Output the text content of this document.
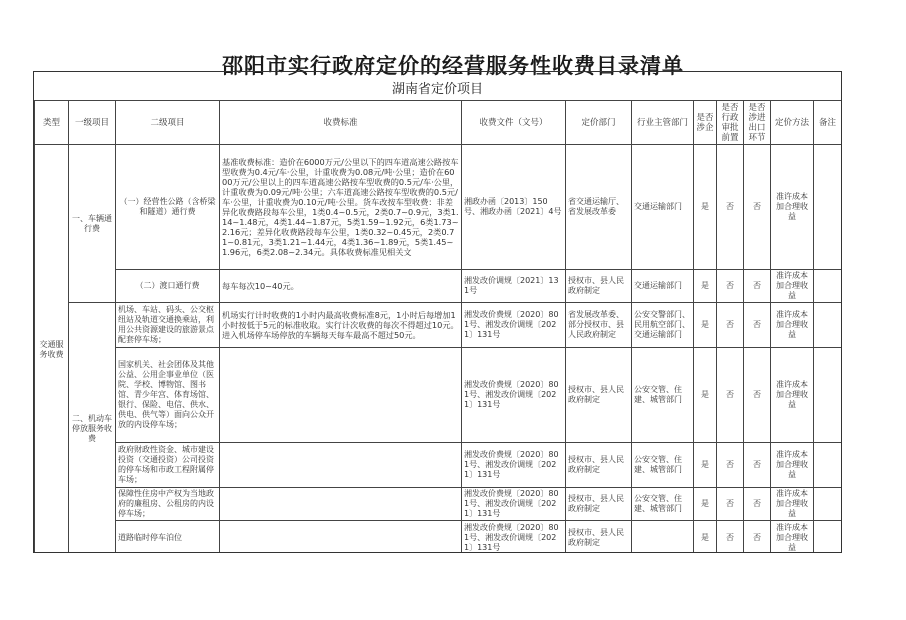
邵阳市实行政府定价的经营服务性收费目录清单
湖南省定价项目
类型	一级项目	二级项目	收费标准	收费文件（文号）	定价部门	行业主管部门	是否涉企	是否行政审批前置	是否涉进出口环节	定价方法	备注
交通服务收费	一、车辆通行费	（一）经营性公路（含桥梁和隧道）通行费	基准收费标准：造价在6000万元/公里以下的四车道高速公路按车型收费为0.4元/车·公里，计重收费为0.08元/吨·公里；造价在6000万元/公里以上的四车道高速公路按车型收费的0.5元/车·公里，计重收费为0.09元/吨·公里；六车道高速公路按车型收费的0.5元/车·公里，计重收费为0.10元/吨·公里。货车改按车型收费：非差异化收费路段每车公里，1类0.4~0.5元，2类0.7~0.9元，3类1.14~1.48元，4类1.44~1.87元，5类1.59~1.92元，6类1.73~2.16元；差异化收费路段每车公里，1类0.32~0.45元，2类0.71~0.81元，3类1.21~1.44元，4类1.36~1.89元，5类1.45~1.96元，6类2.08~2.34元。具体收费标准见相关文	湘政办函〔2013〕150号、湘政办函〔2021〕4号	省交通运输厅、省发展改革委	交通运输部门	是	否	否	准许成本加合理收益	
		（二）渡口通行费	每车每次10~40元。	湘发改价调规〔2021〕131号	授权市、县人民政府制定	交通运输部门	是	否	否	准许成本加合理收益	
	二、机动车停放服务收费	机场、车站、码头、公交枢纽站及轨道交通换乘站，利用公共资源建设的旅游景点配套停车场；	机场实行计时收费的1小时内最高收费标准8元，1小时后每增加1小时按低于5元的标准收取。实行计次收费的每次不得超过10元。进入机场停车场停放的车辆每天每车最高不超过50元。	湘发改价费规〔2020〕801号、湘发改价调规〔2021〕131号	省发展改革委、部分授权市、县人民政府制定	公安交警部门、民用航空部门、交通运输部门	是	否	否	准许成本加合理收益	
		国家机关、社会团体及其他公益、公用企事业单位（医院、学校、博物馆、图书馆、青少年宫、体育场馆、银行、保险、电信、供水、供电、供气等）面向公众开放的内设停车场；		湘发改价费规〔2020〕801号、湘发改价调规〔2021〕131号	授权市、县人民政府制定	公安交管、住建、城管部门	是	否	否	准许成本加合理收益	
		政府财政性资金、城市建设投资（交通投资）公司投资的停车场和市政工程附属停车场；		湘发改价费规〔2020〕801号、湘发改价调规〔2021〕131号	授权市、县人民政府制定	公安交管、住建、城管部门	是	否	否	准许成本加合理收益	
		保障性住房中产权为当地政府的廉租房、公租房的内设停车场；		湘发改价费规〔2020〕801号、湘发改价调规〔2021〕131号	授权市、县人民政府制定	公安交管、住建、城管部门	是	否	否	准许成本加合理收益	
		道路临时停车泊位		湘发改价费规〔2020〕801号、湘发改价调规〔2021〕131号	授权市、县人民政府制定		是	否	否	准许成本加合理收益	
